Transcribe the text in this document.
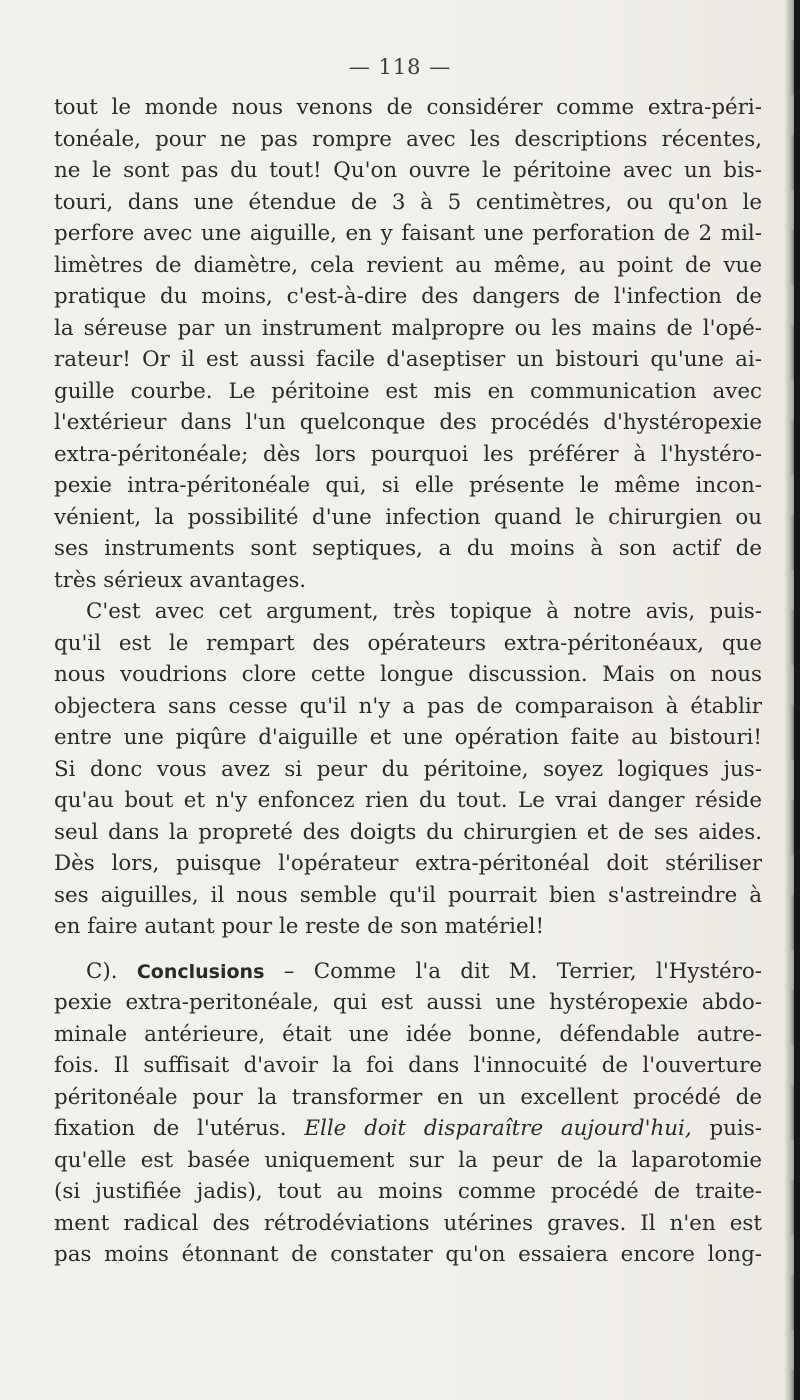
— 118 —
tout le monde nous venons de considérer comme extra-péri-
tonéale, pour ne pas rompre avec les descriptions récentes,
ne le sont pas du tout! Qu'on ouvre le péritoine avec un bis-
touri, dans une étendue de 3 à 5 centimètres, ou qu'on le
perfore avec une aiguille, en y faisant une perforation de 2 mil-
limètres de diamètre, cela revient au même, au point de vue
pratique du moins, c'est-à-dire des dangers de l'infection de
la séreuse par un instrument malpropre ou les mains de l'opé-
rateur! Or il est aussi facile d'aseptiser un bistouri qu'une ai-
guille courbe. Le péritoine est mis en communication avec
l'extérieur dans l'un quelconque des procédés d'hystéropexie
extra-péritonéale; dès lors pourquoi les préférer à l'hystéro-
pexie intra-péritonéale qui, si elle présente le même incon-
vénient, la possibilité d'une infection quand le chirurgien ou
ses instruments sont septiques, a du moins à son actif de
très sérieux avantages.
C'est avec cet argument, très topique à notre avis, puis-
qu'il est le rempart des opérateurs extra-péritonéaux, que
nous voudrions clore cette longue discussion. Mais on nous
objectera sans cesse qu'il n'y a pas de comparaison à établir
entre une piqûre d'aiguille et une opération faite au bistouri!
Si donc vous avez si peur du péritoine, soyez logiques jus-
qu'au bout et n'y enfoncez rien du tout. Le vrai danger réside
seul dans la propreté des doigts du chirurgien et de ses aides.
Dès lors, puisque l'opérateur extra-péritonéal doit stériliser
ses aiguilles, il nous semble qu'il pourrait bien s'astreindre à
en faire autant pour le reste de son matériel!
C). Conclusions – Comme l'a dit M. Terrier, l'Hystéro-
pexie extra-peritonéale, qui est aussi une hystéropexie abdo-
minale antérieure, était une idée bonne, défendable autre-
fois. Il suffisait d'avoir la foi dans l'innocuité de l'ouverture
péritonéale pour la transformer en un excellent procédé de
fixation de l'utérus. Elle doit disparaître aujourd'hui, puis-
qu'elle est basée uniquement sur la peur de la laparotomie
(si justifiée jadis), tout au moins comme procédé de traite-
ment radical des rétrodéviations utérines graves. Il n'en est
pas moins étonnant de constater qu'on essaiera encore long-
